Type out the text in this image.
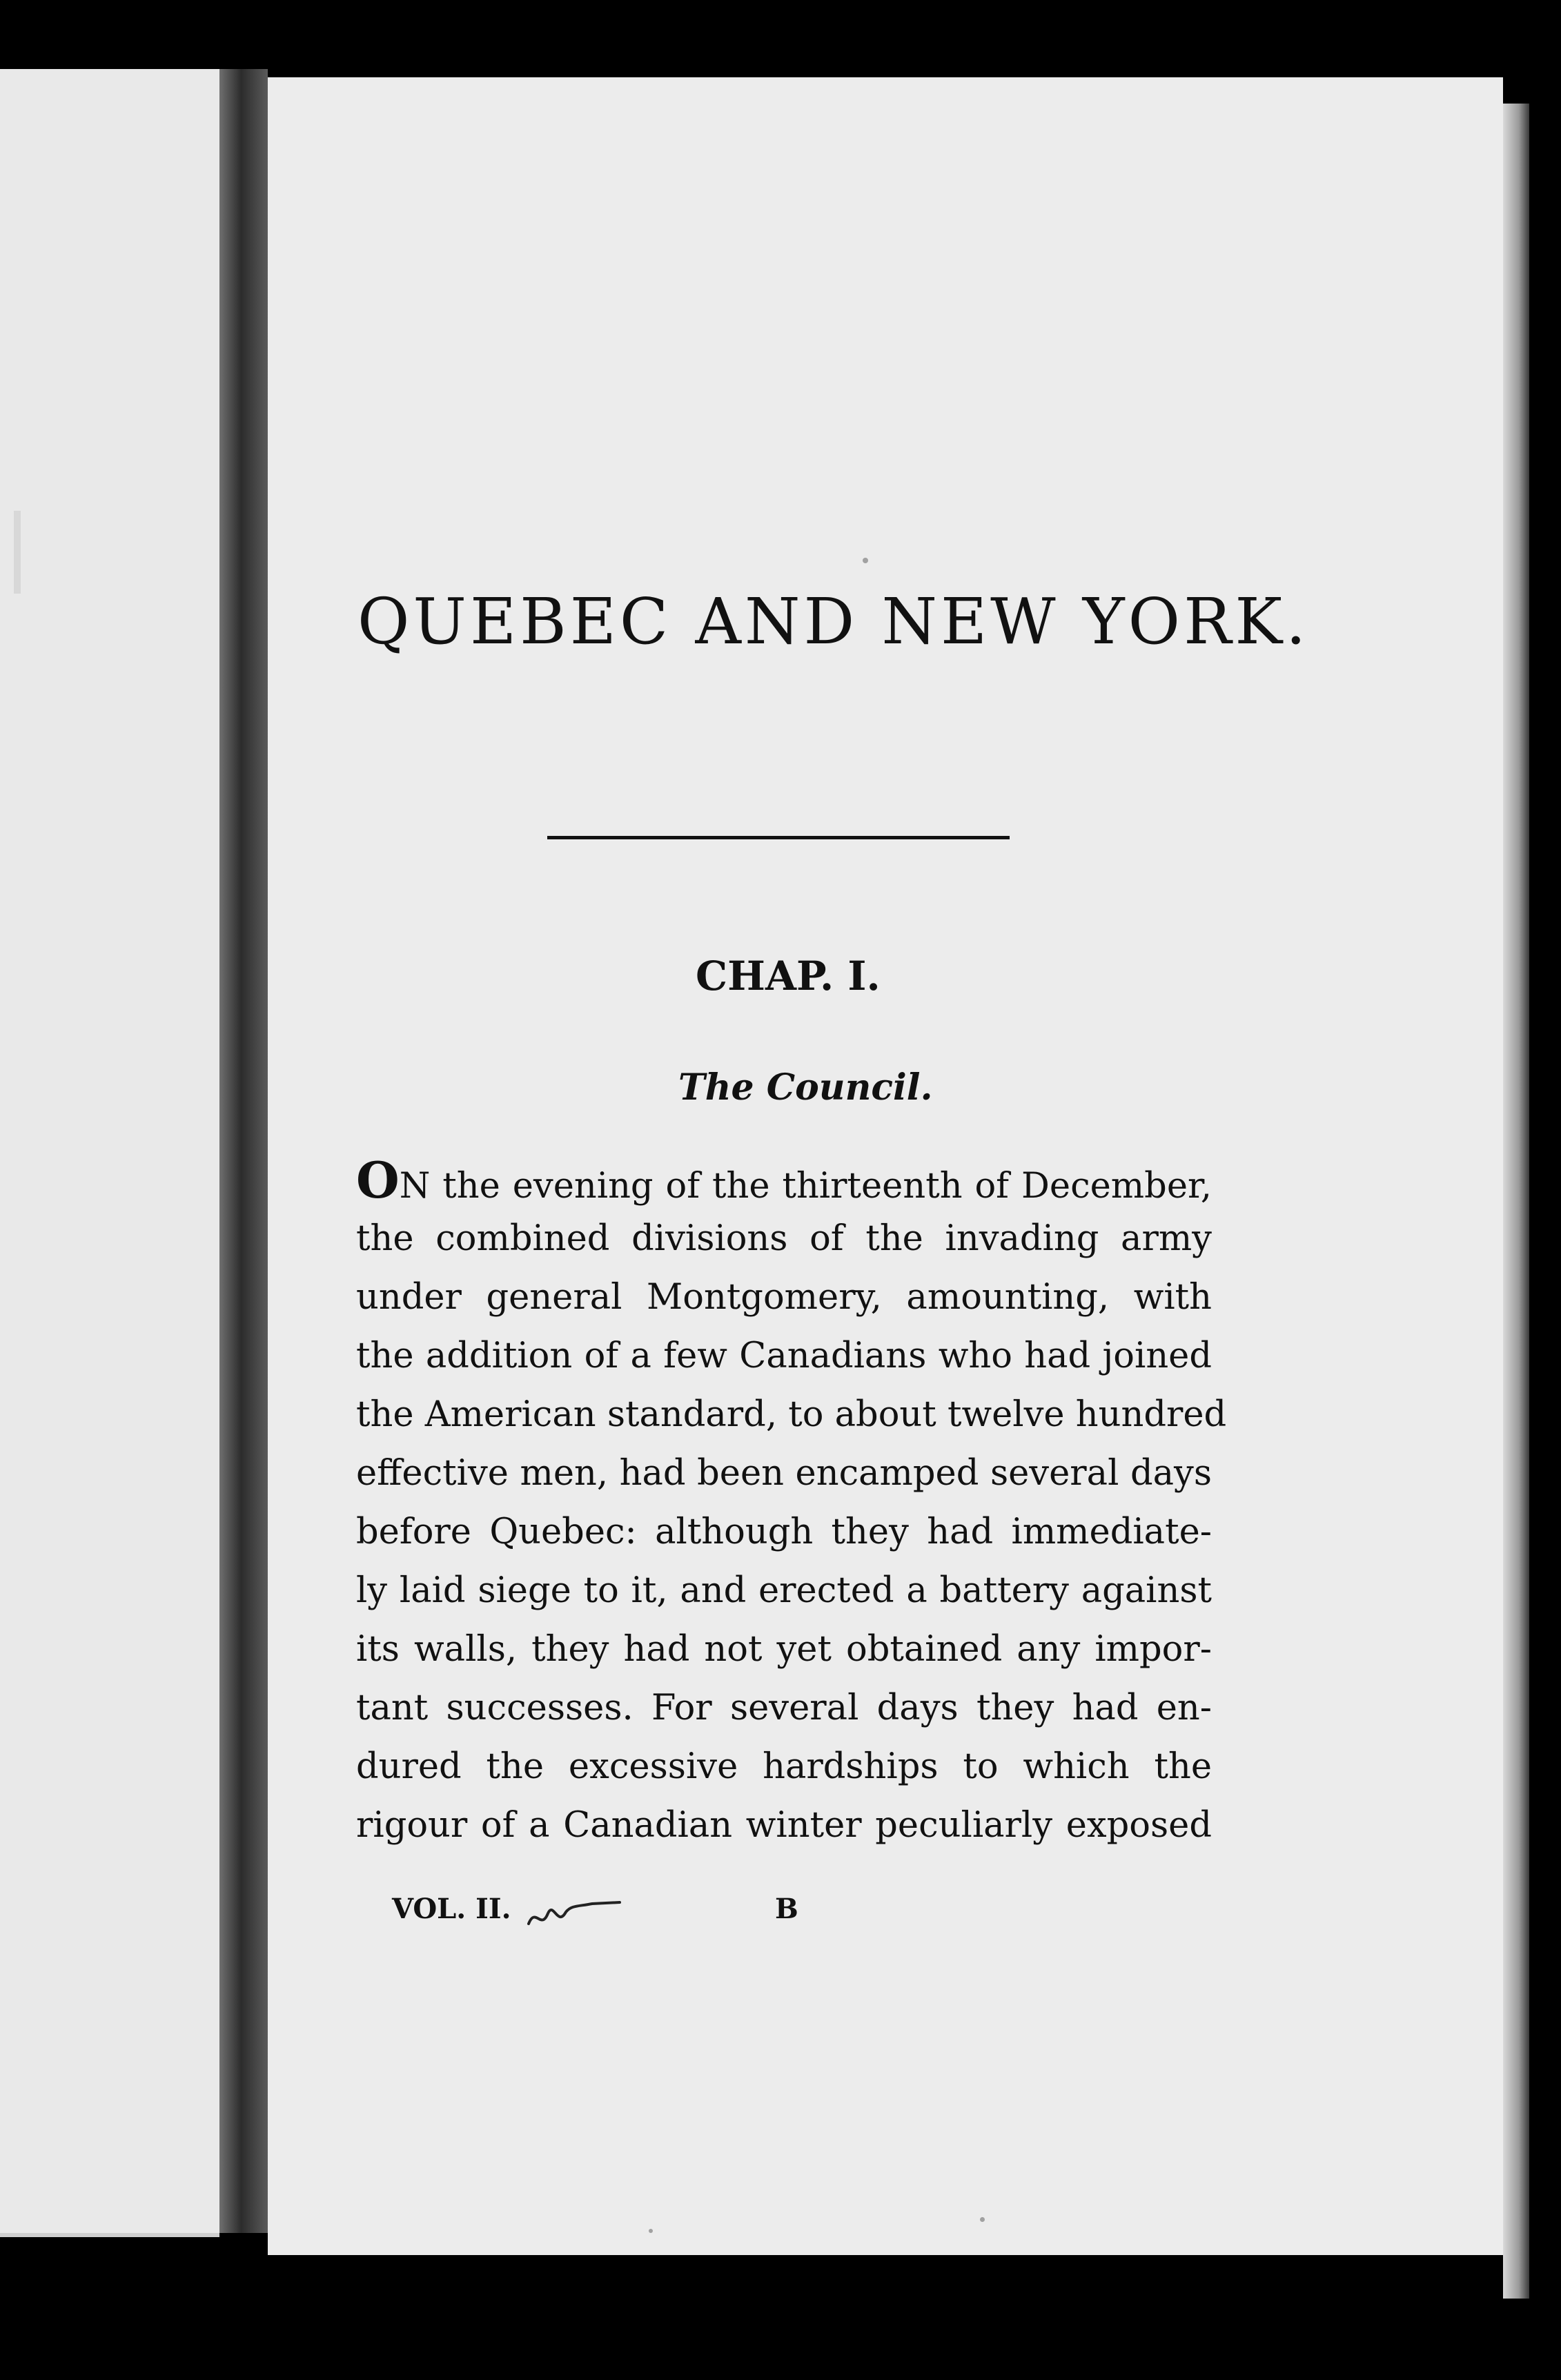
QUEBEC AND NEW YORK.
CHAP. I.
The Council.
ON the evening of the thirteenth of December,
the combined divisions of the invading army
under general Montgomery, amounting, with
the addition of a few Canadians who had joined
the American standard, to about twelve hundred
effective men, had been encamped several days
before Quebec: although they had immediate-
ly laid siege to it, and erected a battery against
its walls, they had not yet obtained any impor-
tant successes. For several days they had en-
dured the excessive hardships to which the
rigour of a Canadian winter peculiarly exposed
VOL. II.	B
